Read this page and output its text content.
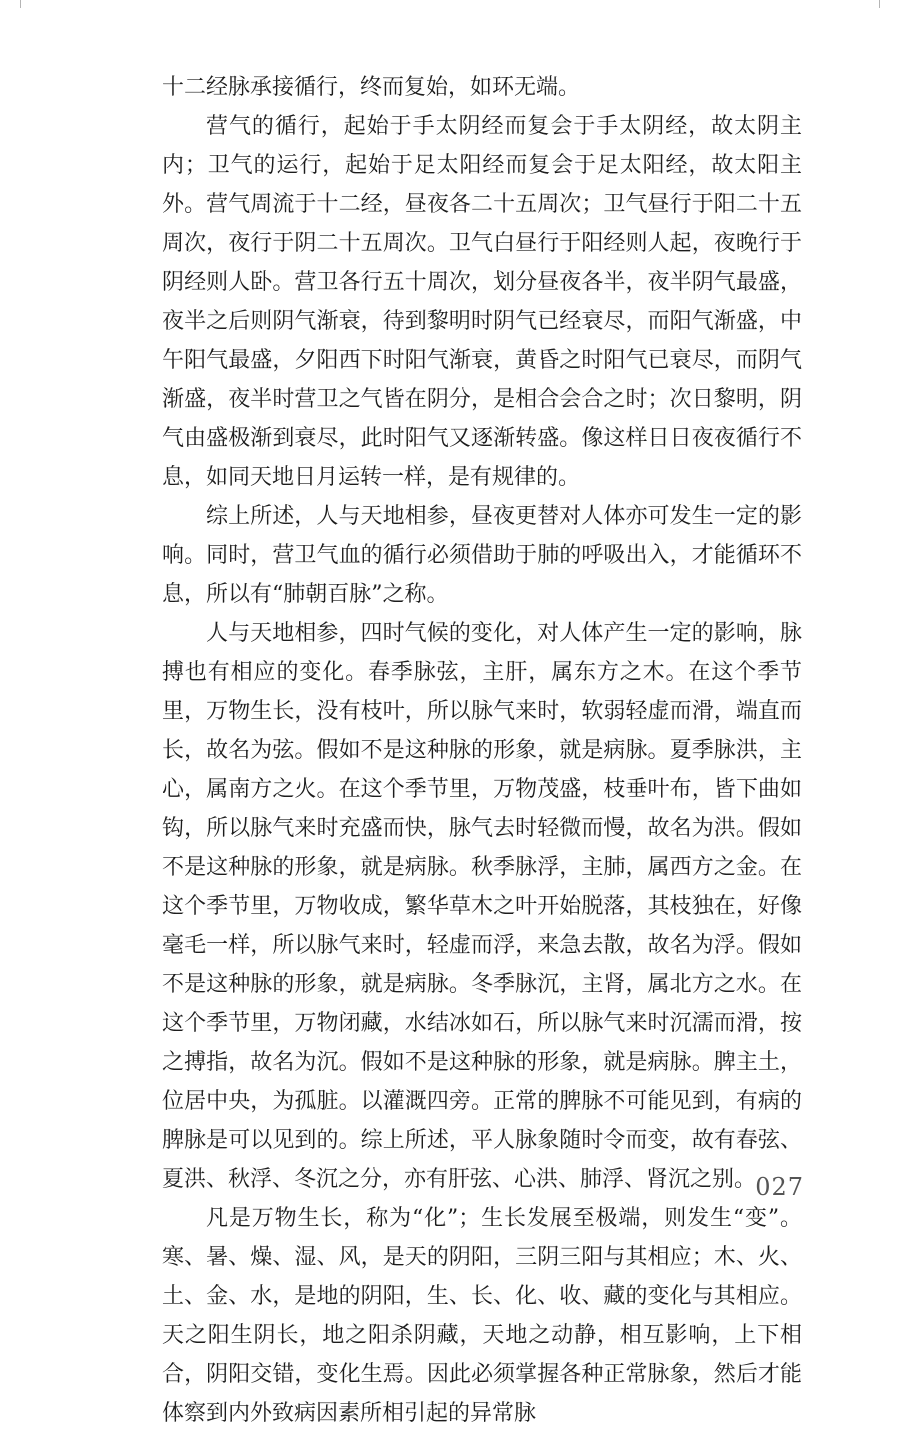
十二经脉承接循行，终而复始，如环无端。

营气的循行，起始于手太阴经而复会于手太阴经，故太阴主内；卫气的运行，起始于足太阳经而复会于足太阳经，故太阳主外。营气周流于十二经，昼夜各二十五周次；卫气昼行于阳二十五周次，夜行于阴二十五周次。卫气白昼行于阳经则人起，夜晚行于阴经则人卧。营卫各行五十周次，划分昼夜各半，夜半阴气最盛，夜半之后则阴气渐衰，待到黎明时阴气已经衰尽，而阳气渐盛，中午阳气最盛，夕阳西下时阳气渐衰，黄昏之时阳气已衰尽，而阴气渐盛，夜半时营卫之气皆在阴分，是相合会合之时；次日黎明，阴气由盛极渐到衰尽，此时阳气又逐渐转盛。像这样日日夜夜循行不息，如同天地日月运转一样，是有规律的。

综上所述，人与天地相参，昼夜更替对人体亦可发生一定的影响。同时，营卫气血的循行必须借助于肺的呼吸出入，才能循环不息，所以有“肺朝百脉”之称。

人与天地相参，四时气候的变化，对人体产生一定的影响，脉搏也有相应的变化。春季脉弦，主肝，属东方之木。在这个季节里，万物生长，没有枝叶，所以脉气来时，软弱轻虚而滑，端直而长，故名为弦。假如不是这种脉的形象，就是病脉。夏季脉洪，主心，属南方之火。在这个季节里，万物茂盛，枝垂叶布，皆下曲如钩，所以脉气来时充盛而快，脉气去时轻微而慢，故名为洪。假如不是这种脉的形象，就是病脉。秋季脉浮，主肺，属西方之金。在这个季节里，万物收成，繁华草木之叶开始脱落，其枝独在，好像毫毛一样，所以脉气来时，轻虚而浮，来急去散，故名为浮。假如不是这种脉的形象，就是病脉。冬季脉沉，主肾，属北方之水。在这个季节里，万物闭藏，水结冰如石，所以脉气来时沉濡而滑，按之搏指，故名为沉。假如不是这种脉的形象，就是病脉。脾主土，位居中央，为孤脏。以灌溉四旁。正常的脾脉不可能见到，有病的脾脉是可以见到的。综上所述，平人脉象随时令而变，故有春弦、夏洪、秋浮、冬沉之分，亦有肝弦、心洪、肺浮、肾沉之别。

凡是万物生长，称为“化”；生长发展至极端，则发生“变”。寒、暑、燥、湿、风，是天的阴阳，三阴三阳与其相应；木、火、土、金、水，是地的阴阳，生、长、化、收、藏的变化与其相应。天之阳生阴长，地之阳杀阴藏，天地之动静，相互影响，上下相合，阴阳交错，变化生焉。因此必须掌握各种正常脉象，然后才能体察到内外致病因素所相引起的异常脉

027
